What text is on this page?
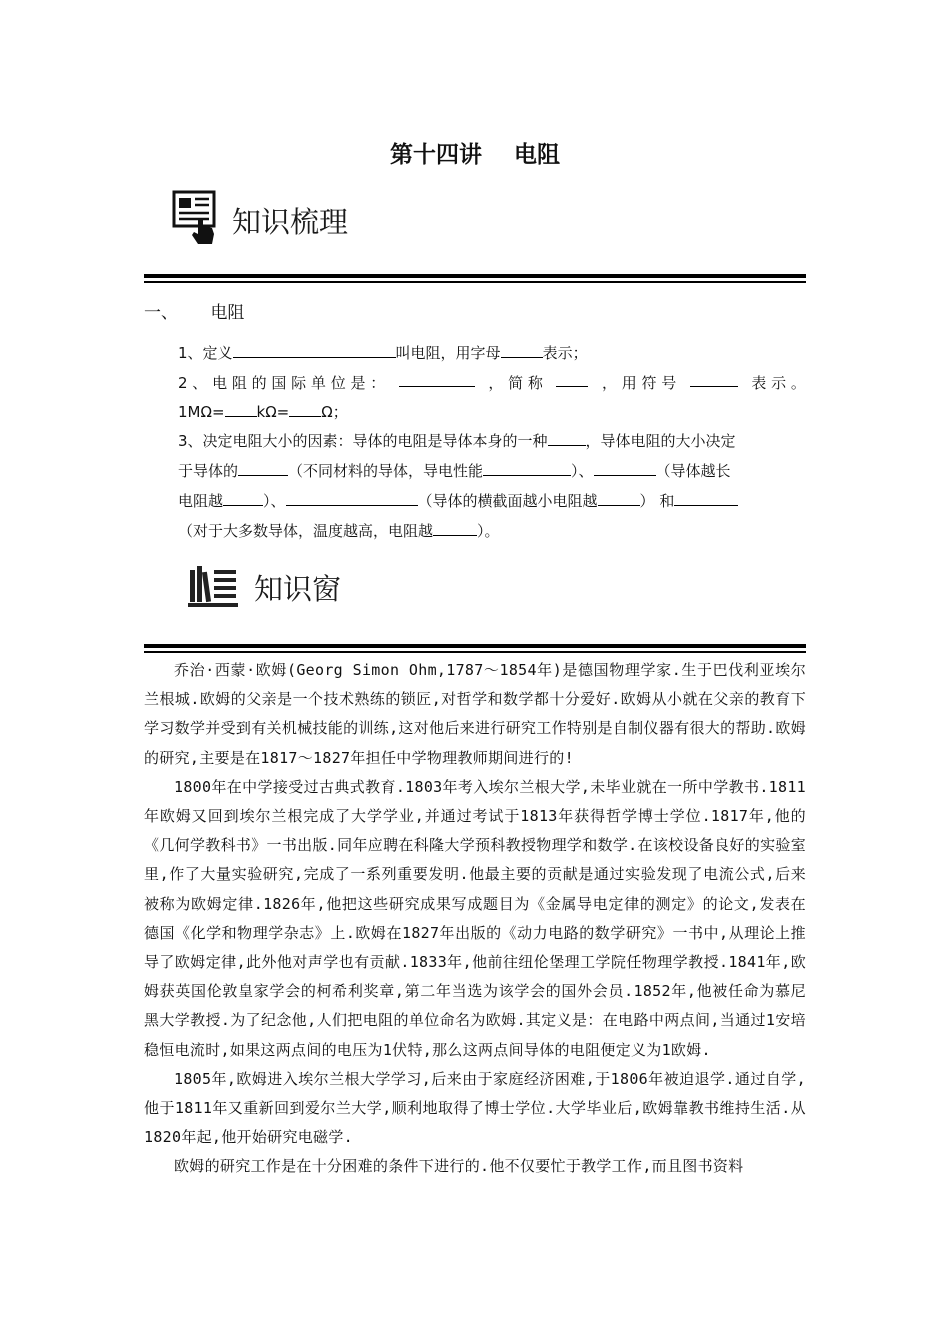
第十四讲    电阻
知识梳理
一、 电阻
1、定义	叫电阻，用字母	表示；
2 、 电 阻 的 国 际 单 位 是 ：	， 简 称	， 用 符 号	表 示 。
1MΩ= kΩ= Ω；
3、决定电阻大小的因素：导体的电阻是导体本身的一种	，导体电阻的大小决定
于导体的	（不同材料的导体，导电性能	）、	（导体越长
电阻越	）、	（导体的横截面越小电阻越	） 和
（对于大多数导体，温度越高，电阻越	）。
知识窗

乔治·西蒙·欧姆(Georg Simon Ohm,1787～1854年)是德国物理学家.生于巴伐利亚埃尔兰根城.欧姆的父亲是一个技术熟练的锁匠,对哲学和数学都十分爱好.欧姆从小就在父亲的教育下学习数学并受到有关机械技能的训练,这对他后来进行研究工作特别是自制仪器有很大的帮助.欧姆的研究,主要是在1817～1827年担任中学物理教师期间进行的!

1800年在中学接受过古典式教育.1803年考入埃尔兰根大学,未毕业就在一所中学教书.1811年欧姆又回到埃尔兰根完成了大学学业,并通过考试于1813年获得哲学博士学位.1817年,他的《几何学教科书》一书出版.同年应聘在科隆大学预科教授物理学和数学.在该校设备良好的实验室里,作了大量实验研究,完成了一系列重要发明.他最主要的贡献是通过实验发现了电流公式,后来被称为欧姆定律.1826年,他把这些研究成果写成题目为《金属导电定律的测定》的论文,发表在德国《化学和物理学杂志》上.欧姆在1827年出版的《动力电路的数学研究》一书中,从理论上推导了欧姆定律,此外他对声学也有贡献.1833年,他前往纽伦堡理工学院任物理学教授.1841年,欧姆获英国伦敦皇家学会的柯希利奖章,第二年当选为该学会的国外会员.1852年,他被任命为慕尼黑大学教授.为了纪念他,人们把电阻的单位命名为欧姆.其定义是：在电路中两点间,当通过1安培稳恒电流时,如果这两点间的电压为1伏特,那么这两点间导体的电阻便定义为1欧姆.

1805年,欧姆进入埃尔兰根大学学习,后来由于家庭经济困难,于1806年被迫退学.通过自学,他于1811年又重新回到爱尔兰大学,顺利地取得了博士学位.大学毕业后,欧姆靠教书维持生活.从1820年起,他开始研究电磁学.

欧姆的研究工作是在十分困难的条件下进行的.他不仅要忙于教学工作,而且图书资料
